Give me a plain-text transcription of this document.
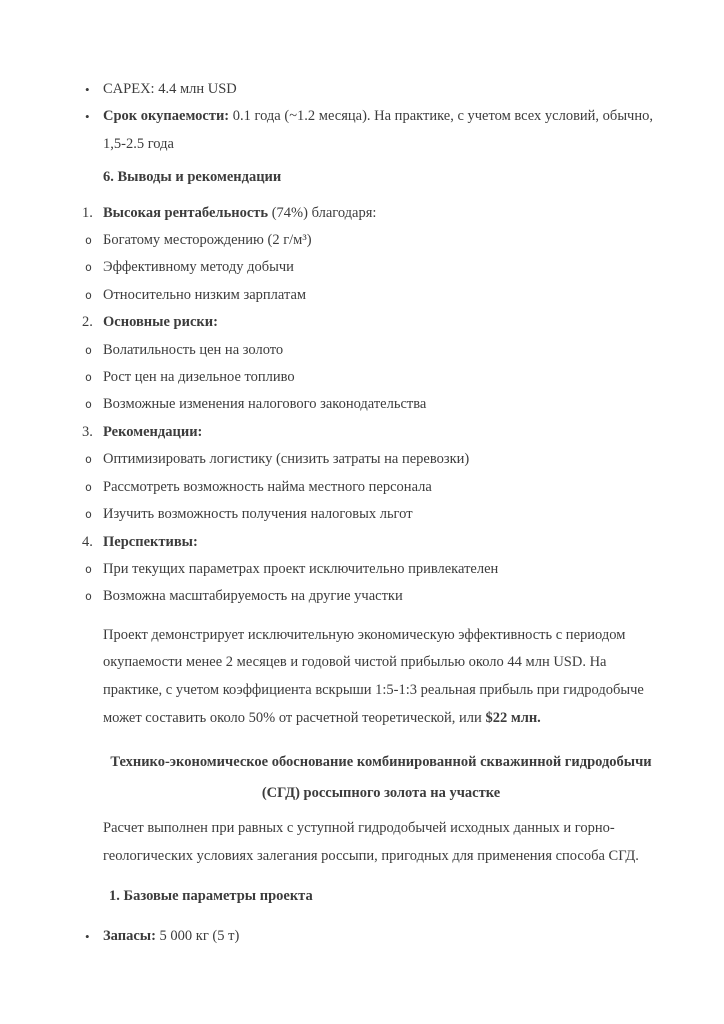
• CAPEX: 4.4 млн USD
• Срок окупаемости: 0.1 года (~1.2 месяца). На практике, с учетом всех условий, обычно, 1,5-2.5 года
6. Выводы и рекомендации
1. Высокая рентабельность (74%) благодаря:
o Богатому месторождению (2 г/м³)
o Эффективному методу добычи
o Относительно низким зарплатам
2. Основные риски:
o Волатильность цен на золото
o Рост цен на дизельное топливо
o Возможные изменения налогового законодательства
3. Рекомендации:
o Оптимизировать логистику (снизить затраты на перевозки)
o Рассмотреть возможность найма местного персонала
o Изучить возможность получения налоговых льгот
4. Перспективы:
o При текущих параметрах проект исключительно привлекателен
o Возможна масштабируемость на другие участки
Проект демонстрирует исключительную экономическую эффективность с периодом окупаемости менее 2 месяцев и годовой чистой прибылью около 44 млн USD. На практике, с учетом коэффициента вскрыши 1:5-1:3 реальная прибыль при гидродобыче может составить около 50% от расчетной теоретической, или $22 млн.
Технико-экономическое обоснование комбинированной скважинной гидродобычи (СГД) россыпного золота на участке
Расчет выполнен при равных с уступной гидродобычей исходных данных и горно-геологических условиях залегания россыпи, пригодных для применения способа СГД.
1. Базовые параметры проекта
• Запасы: 5 000 кг (5 т)
